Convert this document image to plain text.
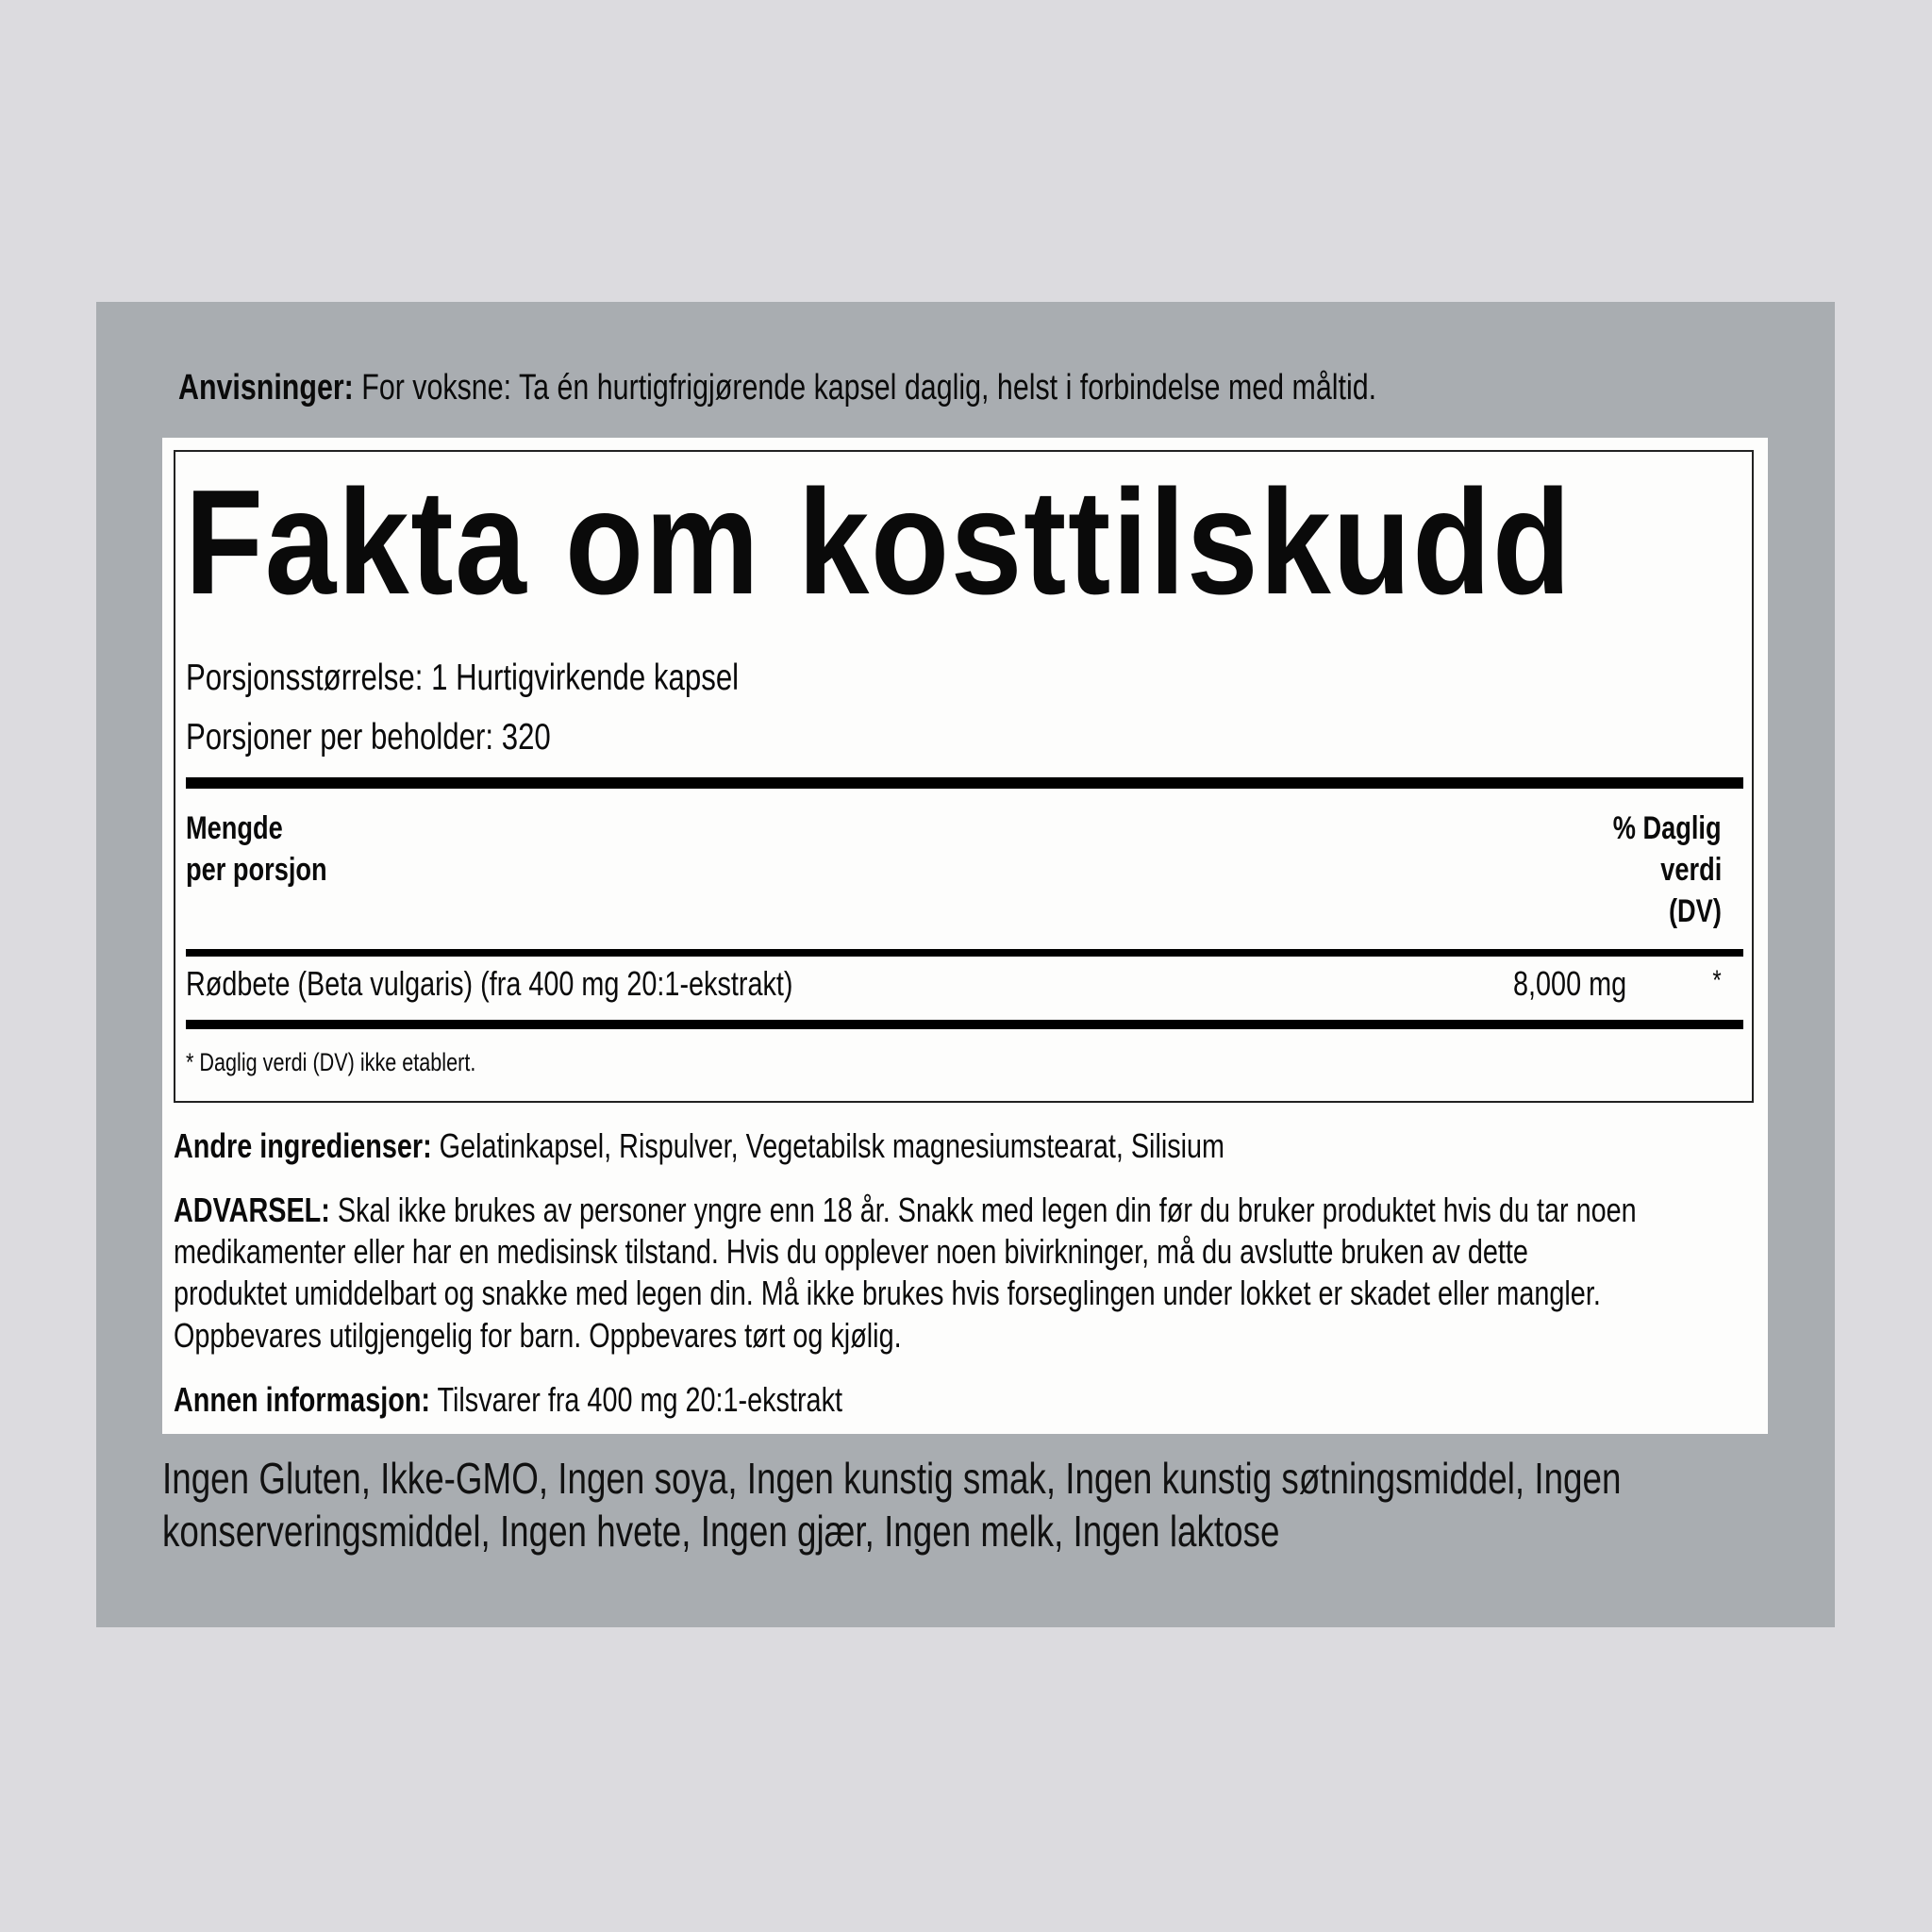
Anvisninger: For voksne: Ta én hurtigfrigjørende kapsel daglig, helst i forbindelse med måltid.
Fakta om kosttilskudd
Porsjonsstørrelse: 1 Hurtigvirkende kapsel
Porsjoner per beholder: 320
Mengde
per porsjon
% Daglig
verdi
(DV)
Rødbete (Beta vulgaris) (fra 400 mg 20:1-ekstrakt)	8,000 mg	*
* Daglig verdi (DV) ikke etablert.
Andre ingredienser: Gelatinkapsel, Rispulver, Vegetabilsk magnesiumstearat, Silisium
ADVARSEL: Skal ikke brukes av personer yngre enn 18 år. Snakk med legen din før du bruker produktet hvis du tar noen
medikamenter eller har en medisinsk tilstand. Hvis du opplever noen bivirkninger, må du avslutte bruken av dette
produktet umiddelbart og snakke med legen din. Må ikke brukes hvis forseglingen under lokket er skadet eller mangler.
Oppbevares utilgjengelig for barn. Oppbevares tørt og kjølig.
Annen informasjon: Tilsvarer fra 400 mg 20:1-ekstrakt
Ingen Gluten, Ikke-GMO, Ingen soya, Ingen kunstig smak, Ingen kunstig søtningsmiddel, Ingen
konserveringsmiddel, Ingen hvete, Ingen gjær, Ingen melk, Ingen laktose
